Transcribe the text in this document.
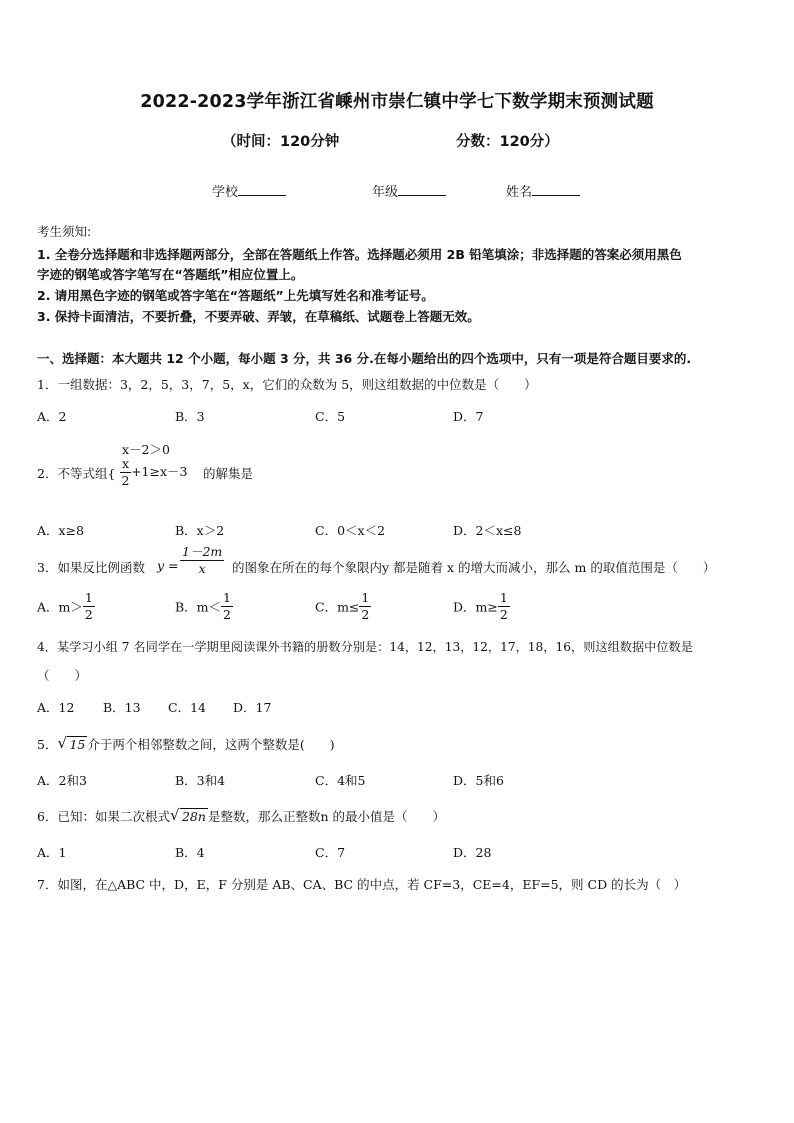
2022-2023学年浙江省嵊州市崇仁镇中学七下数学期末预测试题
（时间：120分钟	分数：120分）
学校	年级	姓名
考生须知:
1. 全卷分选择题和非选择题两部分，全部在答题纸上作答。选择题必须用 2B 铅笔填涂；非选择题的答案必须用黑色
字迹的钢笔或答字笔写在“答题纸”相应位置上。
2. 请用黑色字迹的钢笔或答字笔在“答题纸”上先填写姓名和准考证号。
3. 保持卡面清洁，不要折叠，不要弄破、弄皱，在草稿纸、试题卷上答题无效。
一、选择题：本大题共 12 个小题，每小题 3 分，共 36 分.在每小题给出的四个选项中，只有一项是符合题目要求的.
1．一组数据：3，2，5，3，7，5，x，它们的众数为 5，则这组数据的中位数是（　　）
A．2	B．3	C．5	D．7
x－2＞0
2．不等式组{ $\frac{x}{2} +1\ge x-3$ 的解集是
A．x≥8	B．x＞2	C．0＜x＜2	D．2＜x≤8
3．如果反比例函数 $y = \frac{1-2m}{x}$ 的图象在所在的每个象限内y 都是随着 x 的增大而减小，那么 m 的取值范围是（　　）
A．$m> \frac{1}{2}$	B．$m< \frac{1}{2}$	C．$m\le \frac{1}{2}$	D．$m\ge \frac{1}{2}$
4．某学习小组 7 名同学在一学期里阅读课外书籍的册数分别是：14，12，13，12，17，18，16，则这组数据中位数是
（　　）
A．12 B．13 C．14 D．17
5． √ 15 介于两个相邻整数之间，这两个整数是(　　)
A．2和3	B．3和4	C．4和5	D．5和6
6．已知：如果二次根式 √ 28n 是整数，那么正整数n 的最小值是（　　）
A．1	B．4	C．7	D．28
7．如图，在△ABC 中，D，E，F 分别是 AB、CA、BC 的中点，若 CF=3，CE=4，EF=5，则 CD 的长为（　）
